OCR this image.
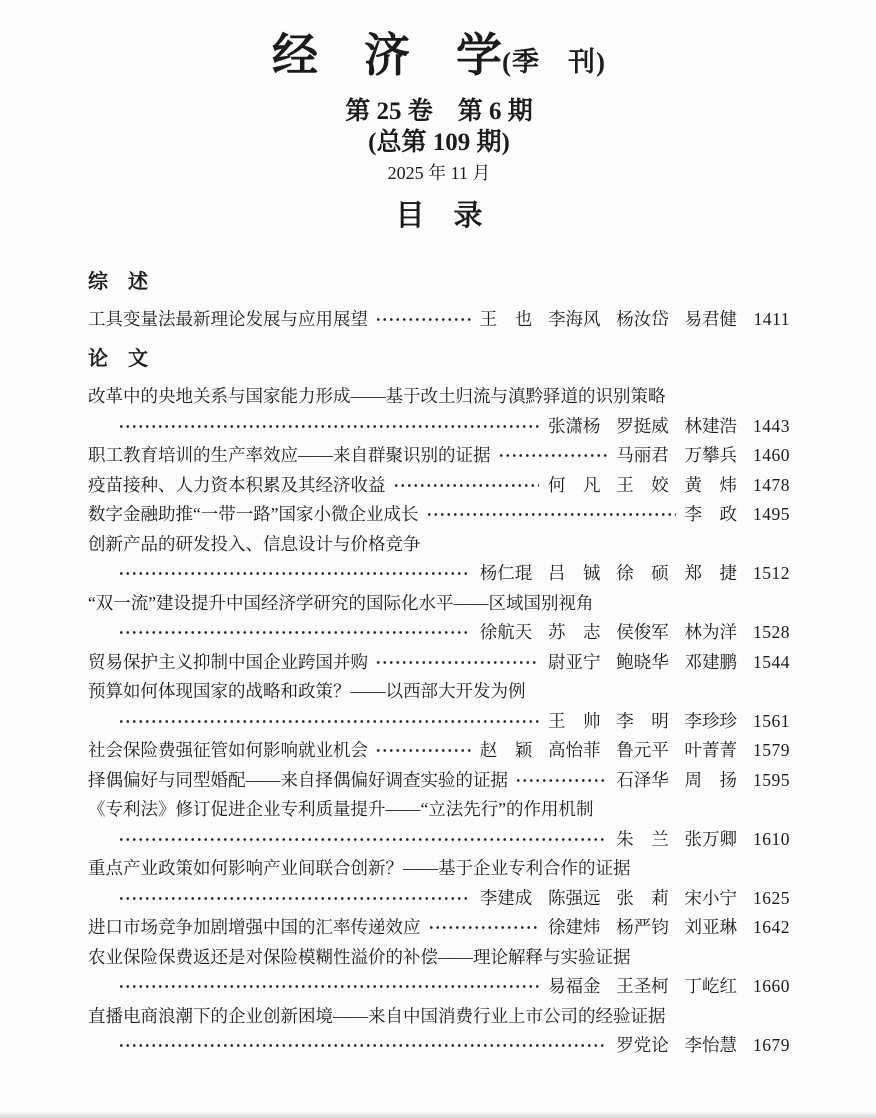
经　济　学(季　刊)
第 25 卷　第 6 期
(总第 109 期)
2025 年 11 月
目　录
综　述
工具变量法最新理论发展与应用展望	王　也 李海风 杨汝岱 易君健 1411
论　文
改革中的央地关系与国家能力形成——基于改土归流与滇黔驿道的识别策略
张潇杨 罗挺威 林建浩 1443
职工教育培训的生产率效应——来自群聚识别的证据	马丽君 万攀兵 1460
疫苗接种、人力资本积累及其经济收益	何　凡 王　姣 黄　炜 1478
数字金融助推“一带一路”国家小微企业成长	李　政 1495
创新产品的研发投入、信息设计与价格竞争
杨仁琨 吕　铖 徐　硕 郑　捷 1512
“双一流”建设提升中国经济学研究的国际化水平——区域国别视角
徐航天 苏　志 侯俊军 林为洋 1528
贸易保护主义抑制中国企业跨国并购	尉亚宁 鲍晓华 邓建鹏 1544
预算如何体现国家的战略和政策？——以西部大开发为例
王　帅 李　明 李珍珍 1561
社会保险费强征管如何影响就业机会	赵　颖 高怡菲 鲁元平 叶菁菁 1579
择偶偏好与同型婚配——来自择偶偏好调查实验的证据	石泽华 周　扬 1595
《专利法》修订促进企业专利质量提升——“立法先行”的作用机制
朱　兰 张万卿 1610
重点产业政策如何影响产业间联合创新？——基于企业专利合作的证据
李建成 陈强远 张　莉 宋小宁 1625
进口市场竞争加剧增强中国的汇率传递效应	徐建炜 杨严钧 刘亚琳 1642
农业保险保费返还是对保险模糊性溢价的补偿——理论解释与实验证据
易福金 王圣柯 丁屹红 1660
直播电商浪潮下的企业创新困境——来自中国消费行业上市公司的经验证据
罗党论 李怡慧 1679
